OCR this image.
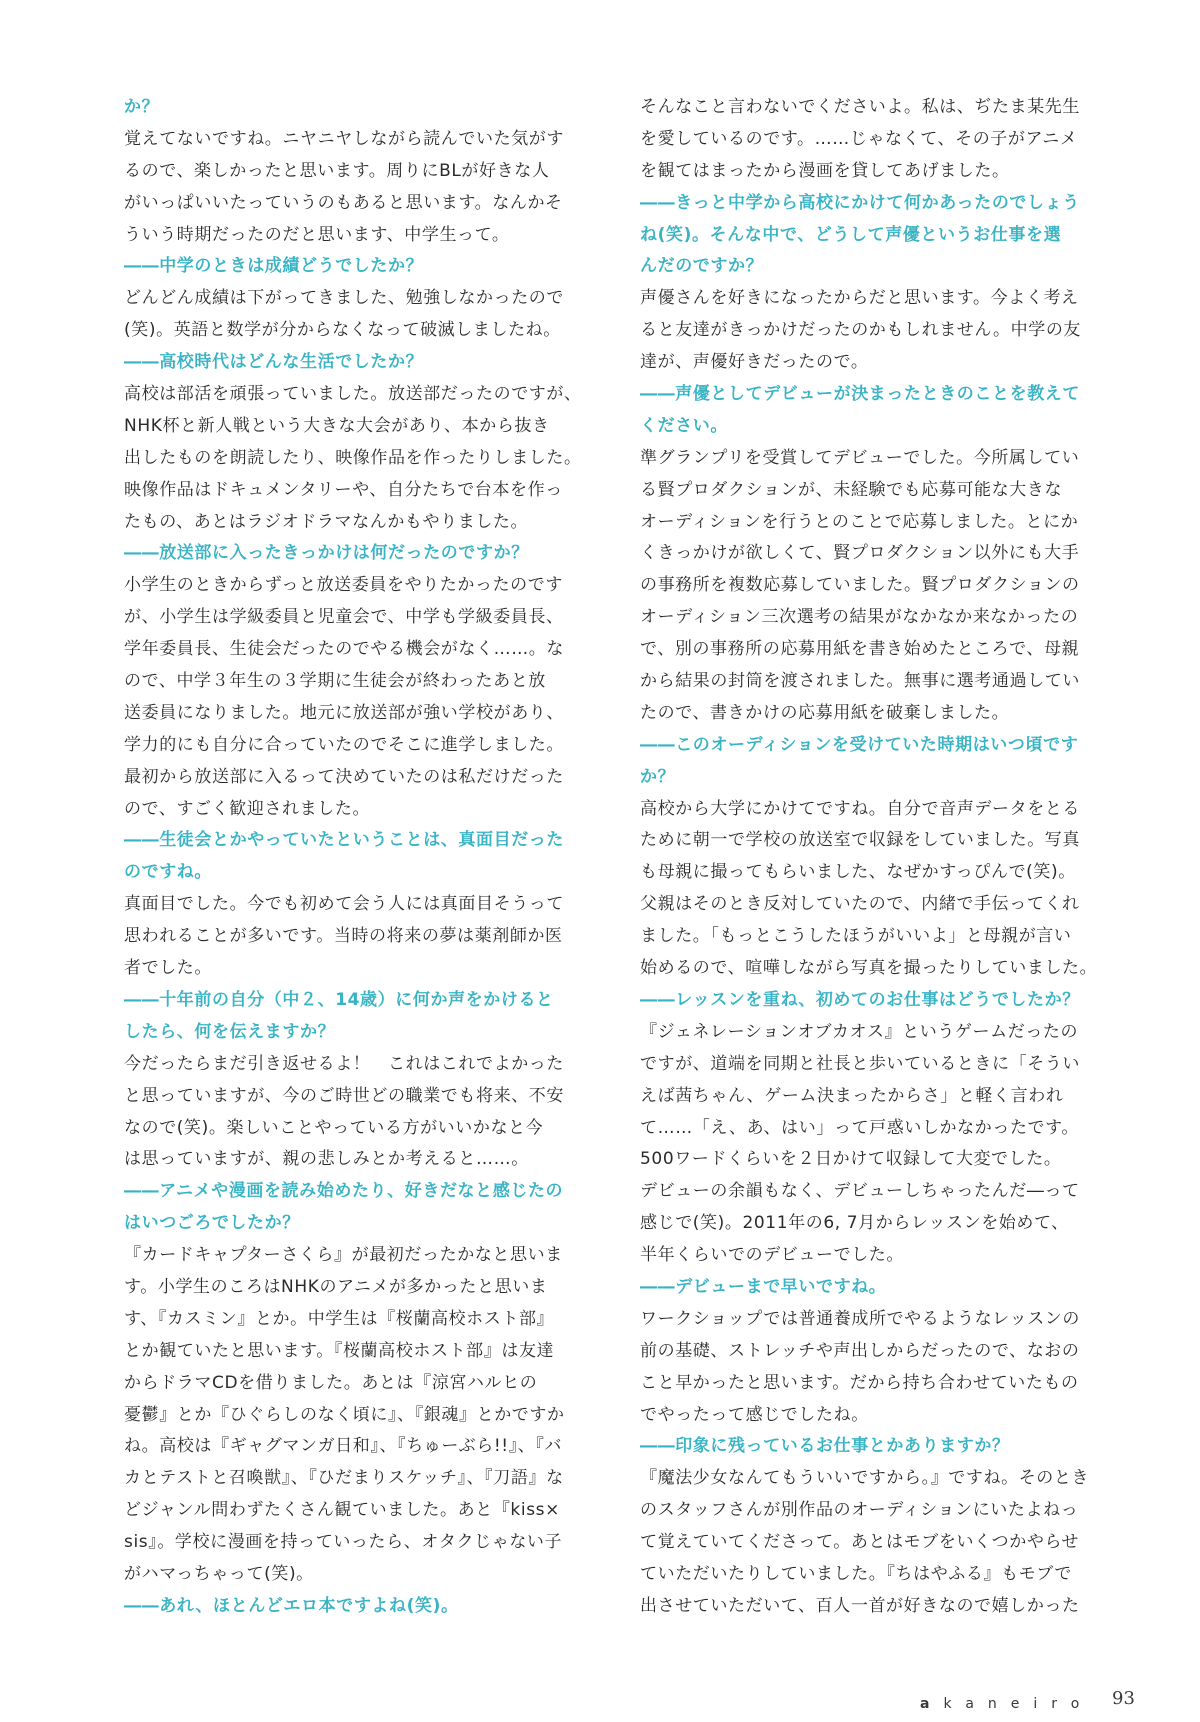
か？
覚えてないですね。ニヤニヤしながら読んでいた気がす
るので、楽しかったと思います。周りにBLが好きな人
がいっぱいいたっていうのもあると思います。なんかそ
ういう時期だったのだと思います、中学生って。
――中学のときは成績どうでしたか？
どんどん成績は下がってきました、勉強しなかったので
(笑)。英語と数学が分からなくなって破滅しましたね。
――高校時代はどんな生活でしたか？
高校は部活を頑張っていました。放送部だったのですが、
NHK杯と新人戦という大きな大会があり、本から抜き
出したものを朗読したり、映像作品を作ったりしました。
映像作品はドキュメンタリーや、自分たちで台本を作っ
たもの、あとはラジオドラマなんかもやりました。
――放送部に入ったきっかけは何だったのですか？
小学生のときからずっと放送委員をやりたかったのです
が、小学生は学級委員と児童会で、中学も学級委員長、
学年委員長、生徒会だったのでやる機会がなく……。な
ので、中学３年生の３学期に生徒会が終わったあと放
送委員になりました。地元に放送部が強い学校があり、
学力的にも自分に合っていたのでそこに進学しました。
最初から放送部に入るって決めていたのは私だけだった
ので、すごく歓迎されました。
――生徒会とかやっていたということは、真面目だった
のですね。
真面目でした。今でも初めて会う人には真面目そうって
思われることが多いです。当時の将来の夢は薬剤師か医
者でした。
――十年前の自分（中２、14歳）に何か声をかけると
したら、何を伝えますか？
今だったらまだ引き返せるよ！　これはこれでよかった
と思っていますが、今のご時世どの職業でも将来、不安
なので(笑)。楽しいことやっている方がいいかなと今
は思っていますが、親の悲しみとか考えると……。
――アニメや漫画を読み始めたり、好きだなと感じたの
はいつごろでしたか？
『カードキャプターさくら』が最初だったかなと思いま
す。小学生のころはNHKのアニメが多かったと思いま
す、『カスミン』とか。中学生は『桜蘭高校ホスト部』
とか観ていたと思います。『桜蘭高校ホスト部』は友達
からドラマCDを借りました。あとは『涼宮ハルヒの
憂鬱』とか『ひぐらしのなく頃に』、『銀魂』とかですか
ね。高校は『ギャグマンガ日和』、『ちゅーぶら!!』、『バ
カとテストと召喚獣』、『ひだまりスケッチ』、『刀語』な
どジャンル問わずたくさん観ていました。あと『kiss×
sis』。学校に漫画を持っていったら、オタクじゃない子
がハマっちゃって(笑)。
――あれ、ほとんどエロ本ですよね(笑)。
そんなこと言わないでくださいよ。私は、ぢたま某先生
を愛しているのです。……じゃなくて、その子がアニメ
を観てはまったから漫画を貸してあげました。
――きっと中学から高校にかけて何かあったのでしょう
ね(笑)。そんな中で、どうして声優というお仕事を選
んだのですか？
声優さんを好きになったからだと思います。今よく考え
ると友達がきっかけだったのかもしれません。中学の友
達が、声優好きだったので。
――声優としてデビューが決まったときのことを教えて
ください。
準グランプリを受賞してデビューでした。今所属してい
る賢プロダクションが、未経験でも応募可能な大きな
オーディションを行うとのことで応募しました。とにか
くきっかけが欲しくて、賢プロダクション以外にも大手
の事務所を複数応募していました。賢プロダクションの
オーディション三次選考の結果がなかなか来なかったの
で、別の事務所の応募用紙を書き始めたところで、母親
から結果の封筒を渡されました。無事に選考通過してい
たので、書きかけの応募用紙を破棄しました。
――このオーディションを受けていた時期はいつ頃です
か？
高校から大学にかけてですね。自分で音声データをとる
ために朝一で学校の放送室で収録をしていました。写真
も母親に撮ってもらいました、なぜかすっぴんで(笑)。
父親はそのとき反対していたので、内緒で手伝ってくれ
ました。「もっとこうしたほうがいいよ」と母親が言い
始めるので、喧嘩しながら写真を撮ったりしていました。
――レッスンを重ね、初めてのお仕事はどうでしたか？
『ジェネレーションオブカオス』というゲームだったの
ですが、道端を同期と社長と歩いているときに「そうい
えば茜ちゃん、ゲーム決まったからさ」と軽く言われ
て……「え、あ、はい」って戸惑いしかなかったです。
500ワードくらいを２日かけて収録して大変でした。
デビューの余韻もなく、デビューしちゃったんだ―って
感じで(笑)。2011年の6, 7月からレッスンを始めて、
半年くらいでのデビューでした。
――デビューまで早いですね。
ワークショップでは普通養成所でやるようなレッスンの
前の基礎、ストレッチや声出しからだったので、なおの
こと早かったと思います。だから持ち合わせていたもの
でやったって感じでしたね。
――印象に残っているお仕事とかありますか？
『魔法少女なんてもういいですから。』ですね。そのとき
のスタッフさんが別作品のオーディションにいたよねっ
て覚えていてくださって。あとはモブをいくつかやらせ
ていただいたりしていました。『ちはやふる』もモブで
出させていただいて、百人一首が好きなので嬉しかった
akaneiro 93
